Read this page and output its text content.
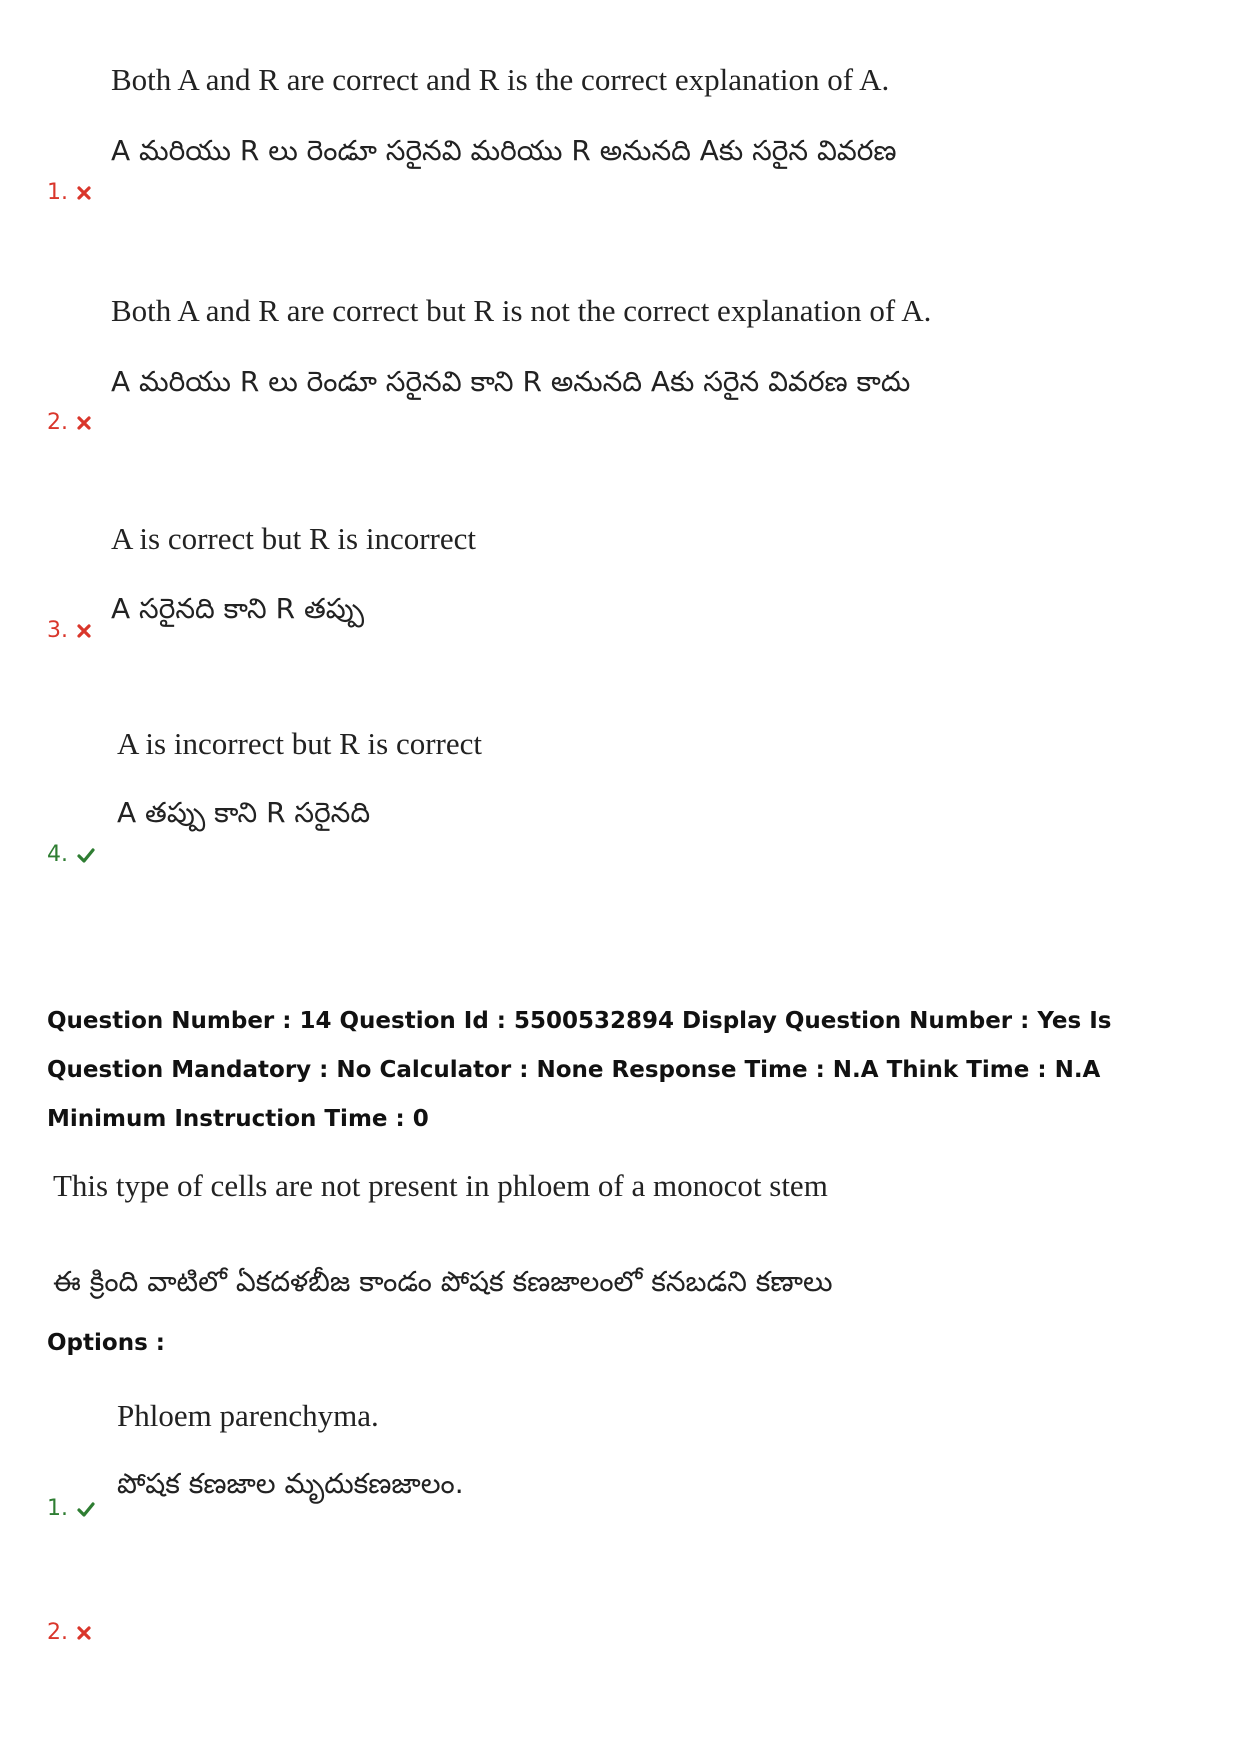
Both A and R are correct and R is the correct explanation of A.
A మరియు R లు రెండూ సరైనవి మరియు R అనునది Aకు సరైన వివరణ
1.
Both A and R are correct but R is not the correct explanation of A.
A మరియు R లు రెండూ సరైనవి కాని R అనునది Aకు సరైన వివరణ కాదు
2.
A is correct but R is incorrect
A సరైనది కాని R తప్పు
3.
A is incorrect but R is correct
A తప్పు కాని R సరైనది
4.
Question Number : 14 Question Id : 5500532894 Display Question Number : Yes Is Question Mandatory : No Calculator : None Response Time : N.A Think Time : N.A Minimum Instruction Time : 0
This type of cells are not present in phloem of a monocot stem
ఈ క్రింది వాటిలో ఏకదళబీజ కాండం పోషక కణజాలంలో కనబడని కణాలు
Options :
Phloem parenchyma.
పోషక కణజాల మృదుకణజాలం.
1.
2.
